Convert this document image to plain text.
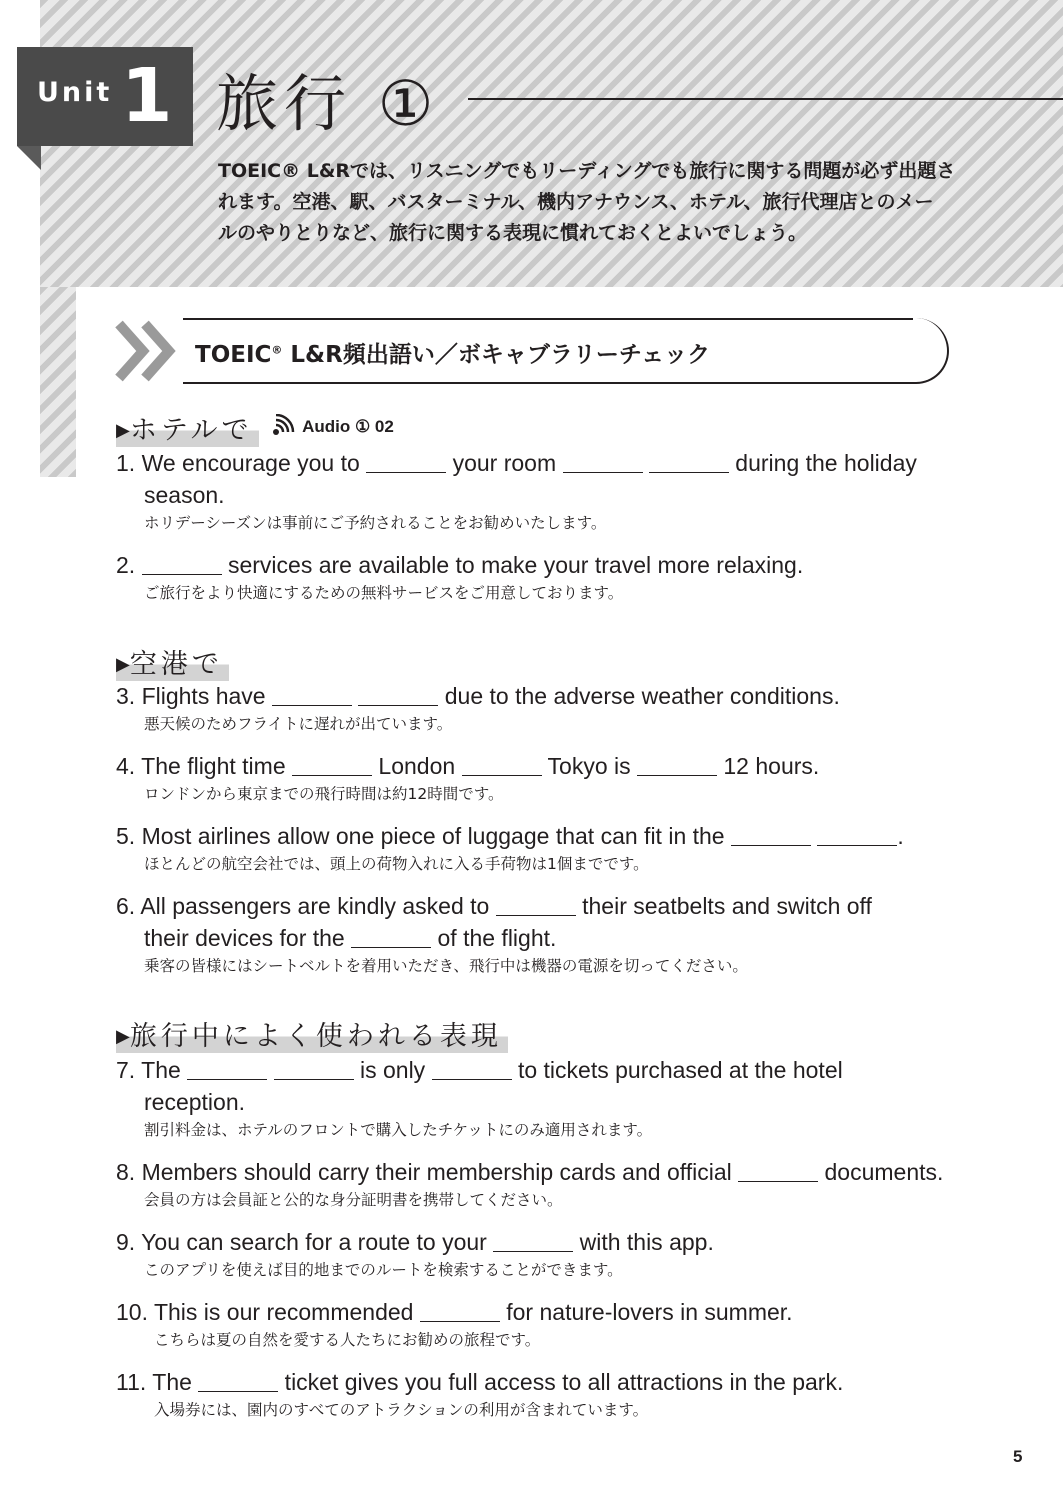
Unit 1 旅行 ①
TOEIC® L&Rでは、リスニングでもリーディングでも旅行に関する問題が必ず出題さ
れます。空港、駅、バスターミナル、機内アナウンス、ホテル、旅行代理店とのメー
ルのやりとりなど、旅行に関する表現に慣れておくとよいでしょう。
TOEIC® L&R頻出語い／ボキャブラリーチェック
▶ホテルで	Audio ① 02
1. We encourage you to	your room	during the holiday
season.
ホリデーシーズンは事前にご予約されることをお勧めいたします。
2.	services are available to make your travel more relaxing.
ご旅行をより快適にするための無料サービスをご用意しております。
▶空港で
3. Flights have	due to the adverse weather conditions.
悪天候のためフライトに遅れが出ています。
4. The flight time	London	Tokyo is	12 hours.
ロンドンから東京までの飛行時間は約12時間です。
5. Most airlines allow one piece of luggage that can fit in the	.
ほとんどの航空会社では、頭上の荷物入れに入る手荷物は1個までです。
6. All passengers are kindly asked to	their seatbelts and switch off
their devices for the	of the flight.
乗客の皆様にはシートベルトを着用いただき、飛行中は機器の電源を切ってください。
▶旅行中によく使われる表現
7. The	is only	to tickets purchased at the hotel
reception.
割引料金は、ホテルのフロントで購入したチケットにのみ適用されます。
8. Members should carry their membership cards and official	documents.
会員の方は会員証と公的な身分証明書を携帯してください。
9. You can search for a route to your	with this app.
このアプリを使えば目的地までのルートを検索することができます。
10. This is our recommended	for nature-lovers in summer.
こちらは夏の自然を愛する人たちにお勧めの旅程です。
11. The	ticket gives you full access to all attractions in the park.
入場券には、園内のすべてのアトラクションの利用が含まれています。
5
